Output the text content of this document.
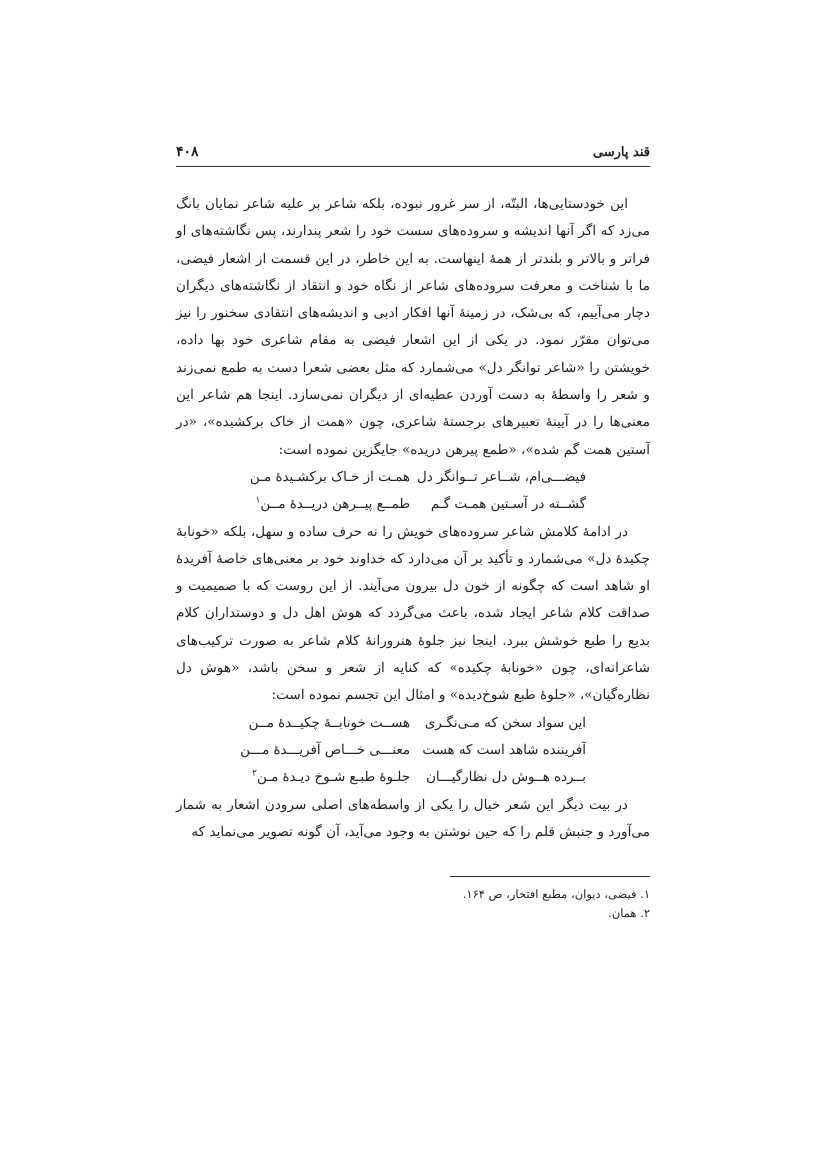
قند پارسی
۴۰۸

این خودستایی‌ها، البتّه، از سر غرور نبوده، بلکه شاعر بر علیه شاعر نمایان بانگ می‌زد که اگر آنها اندیشه و سروده‌های سست خود را شعر پندارند، پس نگاشته‌های او فراتر و بالاتر و بلندتر از همهٔ اینهاست. به این خاطر، در این قسمت از اشعار فیضی، ما با شناخت و معرفت سروده‌های شاعر از نگاه خود و انتقاد از نگاشته‌های دیگران دچار می‌آییم، که بی‌شک، در زمینهٔ آنها افکار ادبی و اندیشه‌های انتقادی سخنور را نیز می‌توان مقرّر نمود. در یکی از این اشعار فیضی به مقام شاعری خود بها داده، خویشتن را «شاعر توانگر دل» می‌شمارد که مثل بعضی شعرا دست به طمع نمی‌زند و شعر را واسطهٔ به دست آوردن عطیه‌ای از دیگران نمی‌سازد. اینجا هم شاعر این معنی‌ها را در آیینهٔ تعبیرهای برجستهٔ شاعری، چون «همت از خاک برکشیده»، «در آستین همت گم شده»، «طمع پیرهن دریده» جایگزین نموده است:

فیضـــی‌ام، شــاعر تــوانگر دل
همـت از خـاک برکشـیدهٔ مـن
گشــته در آسـتین همـت گـم
طمــع پیــرهن دریــدهٔ مــن$^۱$

در ادامهٔ کلامش شاعر سروده‌های خویش را نه حرف ساده و سهل، بلکه «خونابهٔ چکیدهٔ دل» می‌شمارد و تأکید بر آن می‌دارد که خداوند خود بر معنی‌های خاصهٔ آفریدهٔ او شاهد است که چگونه از خون دل بیرون می‌آیند. از این روست که با صمیمیت و صداقت کلام شاعر ایجاد شده، باعث می‌گردد که هوش اهل دل و دوستداران کلام بدیع را طبع خوشش ببرد. اینجا نیز جلوهٔ هنرورانهٔ کلام شاعر به صورت ترکیب‌های شاعرانه‌ای، چون «خونابهٔ چکیده» که کنایه از شعر و سخن باشد، «هوش دل نظاره‌گیان»، «جلوهٔ طبع شوخ‌دیده» و امثال این تجسم نموده است:

این سواد سخن که مـی‌نگـری
هســت خونابــهٔ چکیــدهٔ مــن
آفریننده شاهد است که هست
معنـــی خـــاص آفریـــدهٔ مـــن
بــرده هــوش دل نظارگیـــان
جلـوهٔ طبـع شـوخ دیـدهٔ مـن$^۲$

در بیت دیگر این شعر خیال را یکی از واسطه‌های اصلی سرودن اشعار به شمار می‌آورد و جنبش قلم را که حین نوشتن به وجود می‌آید، آن گونه تصویر می‌نماید که

۱. فیضی، دیوان، مطبع افتخار، ص ۱۶۴.
۲. همان.
